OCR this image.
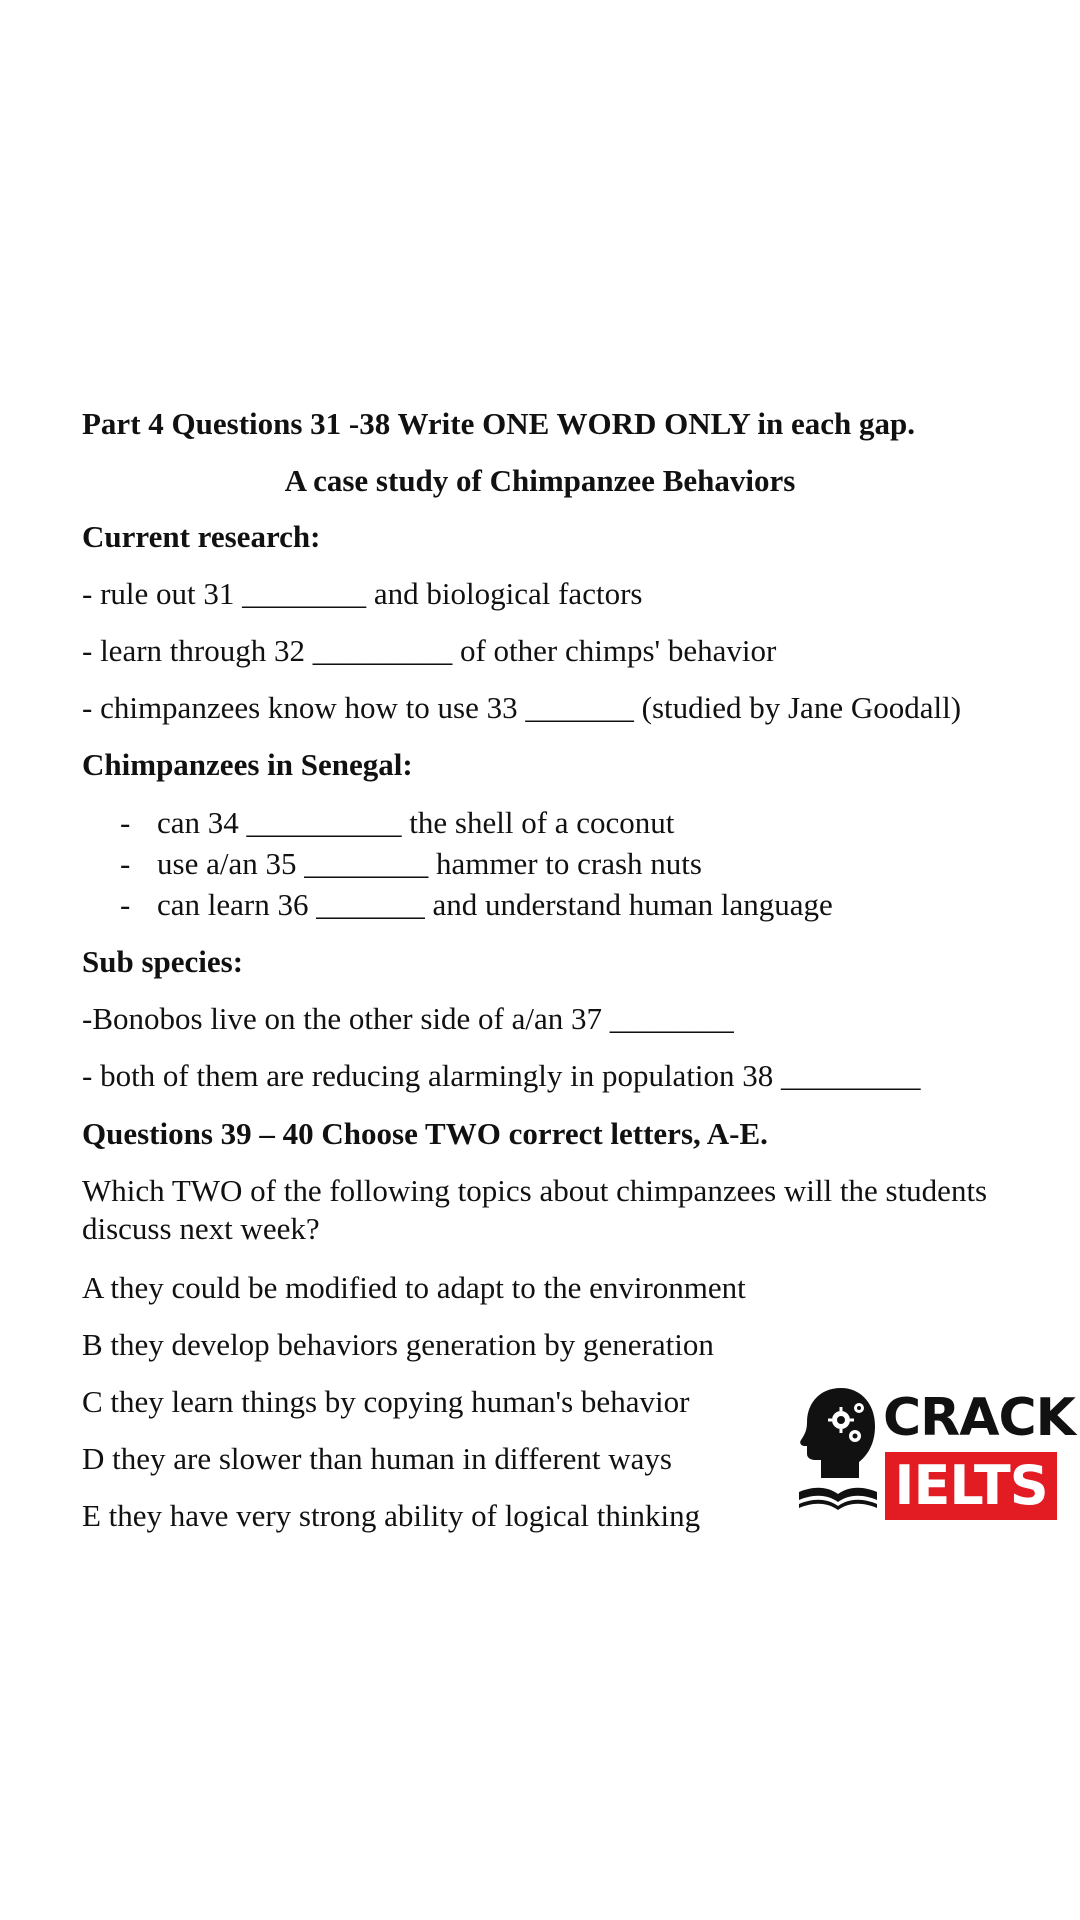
Part 4 Questions 31 -38 Write ONE WORD ONLY in each gap.
A case study of Chimpanzee Behaviors
Current research:
- rule out 31 ________ and biological factors
- learn through 32 _________ of other chimps' behavior
- chimpanzees know how to use 33 _______ (studied by Jane Goodall)
Chimpanzees in Senegal:
- can 34 __________ the shell of a coconut
- use a/an 35 ________ hammer to crash nuts
- can learn 36 _______ and understand human language
Sub species:
-Bonobos live on the other side of a/an 37 ________
- both of them are reducing alarmingly in population 38 _________
Questions 39 – 40 Choose TWO correct letters, A-E.
Which TWO of the following topics about chimpanzees will the students discuss next week?
A they could be modified to adapt to the environment
B they develop behaviors generation by generation
C they learn things by copying human's behavior
D they are slower than human in different ways
E they have very strong ability of logical thinking
CRACK
IELTS
